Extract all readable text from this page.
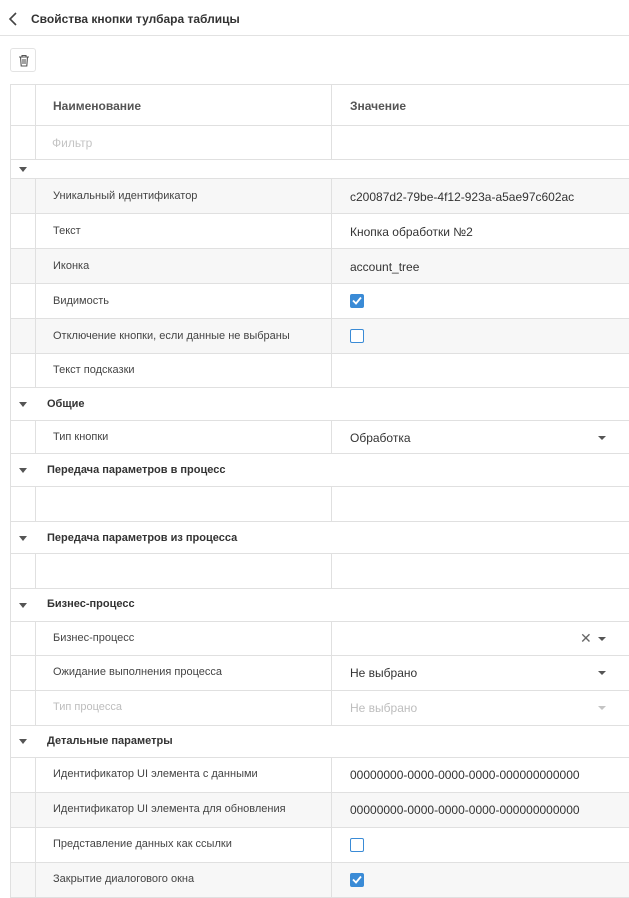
Свойства кнопки тулбара таблицы
Наименование	Значение
Фильтр
Уникальный идентификатор	c20087d2-79be-4f12-923a-a5ae97c602ac
Текст	Кнопка обработки №2
Иконка	account_tree
Видимость
Отключение кнопки, если данные не выбраны
Текст подсказки
Общие
Тип кнопки	Обработка
Передача параметров в процесс
Передача параметров из процесса
Бизнес-процесс
Бизнес-процесс	✕
Ожидание выполнения процесса	Не выбрано
Тип процесса	Не выбрано
Детальные параметры
Идентификатор UI элемента с данными	00000000-0000-0000-0000-000000000000
Идентификатор UI элемента для обновления	00000000-0000-0000-0000-000000000000
Представление данных как ссылки
Закрытие диалогового окна
